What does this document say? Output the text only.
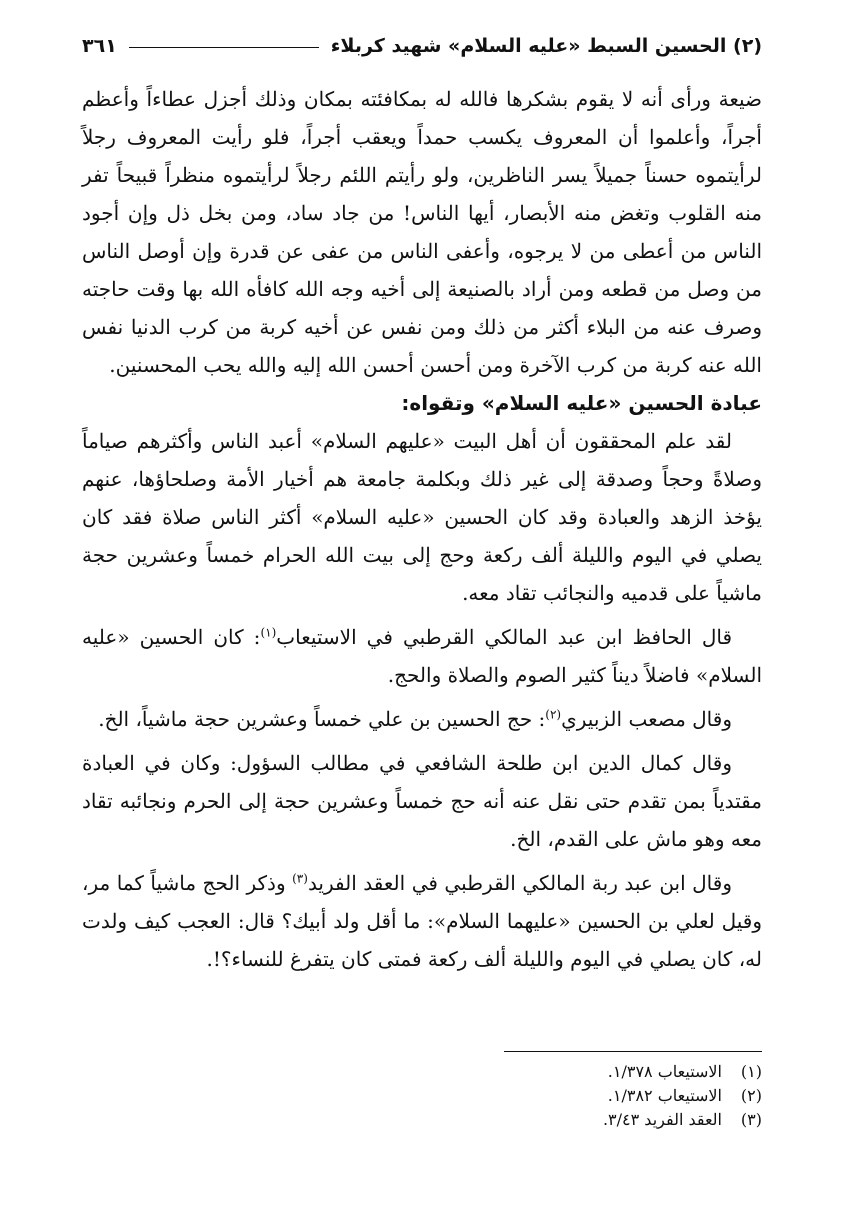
(٢) الحسين السبط «عليه السلام» شهيد كربلاء
٣٦١

ضيعة ورأى أنه لا يقوم بشكرها فالله له بمكافئته بمكان وذلك أجزل عطاءاً وأعظم أجراً، وأعلموا أن المعروف يكسب حمداً ويعقب أجراً، فلو رأيت المعروف رجلاً لرأيتموه حسناً جميلاً يسر الناظرين، ولو رأيتم اللئم رجلاً لرأيتموه منظراً قبيحاً تفر منه القلوب وتغض منه الأبصار، أيها الناس! من جاد ساد، ومن بخل ذل وإن أجود الناس من أعطى من لا يرجوه، وأعفى الناس من عفى عن قدرة وإن أوصل الناس من وصل من قطعه ومن أراد بالصنيعة إلى أخيه وجه الله كافأه الله بها وقت حاجته وصرف عنه من البلاء أكثر من ذلك ومن نفس عن أخيه كربة من كرب الدنيا نفس الله عنه كربة من كرب الآخرة ومن أحسن أحسن الله إليه والله يحب المحسنين.

عبادة الحسين «عليه السلام» وتقواه:

لقد علم المحققون أن أهل البيت «عليهم السلام» أعبد الناس وأكثرهم صياماً وصلاةً وحجاً وصدقة إلى غير ذلك وبكلمة جامعة هم أخيار الأمة وصلحاؤها، عنهم يؤخذ الزهد والعبادة وقد كان الحسين «عليه السلام» أكثر الناس صلاة فقد كان يصلي في اليوم والليلة ألف ركعة وحج إلى بيت الله الحرام خمساً وعشرين حجة ماشياً على قدميه والنجائب تقاد معه.

قال الحافظ ابن عبد المالكي القرطبي في الاستيعاب$^{(١)}$: كان الحسين «عليه السلام» فاضلاً ديناً كثير الصوم والصلاة والحج.

وقال مصعب الزبيري$^{(٢)}$: حج الحسين بن علي خمساً وعشرين حجة ماشياً، الخ.

وقال كمال الدين ابن طلحة الشافعي في مطالب السؤول: وكان في العبادة مقتدياً بمن تقدم حتى نقل عنه أنه حج خمساً وعشرين حجة إلى الحرم ونجائبه تقاد معه وهو ماش على القدم، الخ.

وقال ابن عبد ربة المالكي القرطبي في العقد الفريد$^{(٣)}$ وذكر الحج ماشياً كما مر، وقيل لعلي بن الحسين «عليهما السلام»: ما أقل ولد أبيك؟ قال: العجب كيف ولدت له، كان يصلي في اليوم والليلة ألف ركعة فمتى كان يتفرغ للنساء؟!.

(١)
الاستيعاب ١/٣٧٨.
(٢)
الاستيعاب ١/٣٨٢.
(٣)
العقد الفريد ٣/٤٣.
